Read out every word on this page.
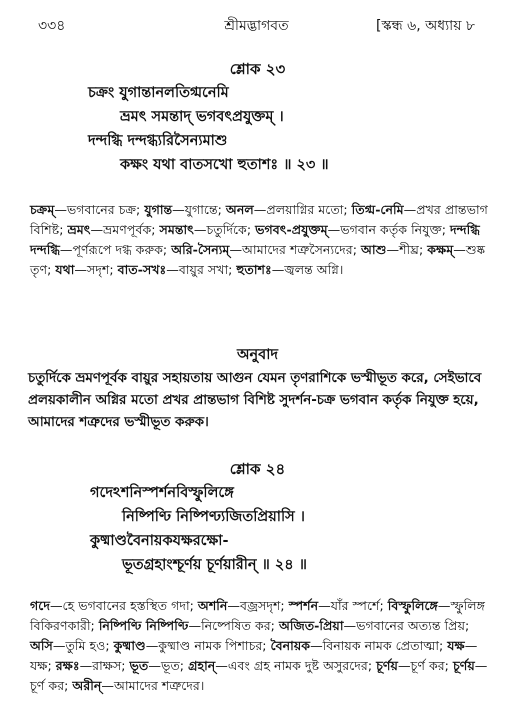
৩৩৪	শ্রীমদ্ভাগবত	[স্কন্ধ ৬, অধ্যায় ৮
শ্লোক ২৩
চক্রং যুগান্তানলতিগ্মনেমি
ভ্রমৎ সমন্তাদ্ ভগবৎপ্রযুক্তম্ ।
দন্দগ্ধি দন্দগ্ধ্যরিসৈন্যমাশু
কক্ষং যথা বাতসখো হুতাশঃ ॥ ২৩ ॥
চক্রম্—ভগবানের চক্র; যুগান্ত—যুগান্তে; অনল—প্রলয়াগ্নির মতো; তিগ্ম-নেমি—প্রখর প্রান্তভাগ বিশিষ্ট; ভ্রমৎ—ভ্রমণপূর্বক; সমন্তাৎ—চতুর্দিকে; ভগবৎ-প্রযুক্তম্—ভগবান কর্তৃক নিযুক্ত; দন্দগ্ধি দন্দগ্ধি—পূর্ণরূপে দগ্ধ করুক; অরি-সৈন্যম্—আমাদের শত্রুসৈন্যদের; আশু—শীঘ্র; কক্ষম্—শুষ্ক তৃণ; যথা—সদৃশ; বাত-সখঃ—বায়ুর সখা; হুতাশঃ—জ্বলন্ত অগ্নি।
অনুবাদ
চতুর্দিকে ভ্রমণপূর্বক বায়ুর সহায়তায় আগুন যেমন তৃণরাশিকে ভস্মীভূত করে, সেইভাবে প্রলয়কালীন অগ্নির মতো প্রখর প্রান্তভাগ বিশিষ্ট সুদর্শন-চক্র ভগবান কর্তৃক নিযুক্ত হয়ে, আমাদের শত্রুদের ভস্মীভূত করুক।
শ্লোক ২৪
গদেঽশনিস্পর্শনবিস্ফুলিঙ্গে
নিষ্পিণ্ঢি নিষ্পিণ্ঢ্যজিতপ্রিয়াসি ।
কুষ্মাণ্ডবৈনায়কযক্ষরক্ষো-
ভূতগ্রহাংশ্চূর্ণয় চূর্ণয়ারীন্ ॥ ২৪ ॥
গদে—হে ভগবানের হস্তস্থিত গদা; অশনি—বজ্রসদৃশ; স্পর্শন—যাঁর স্পর্শে; বিস্ফুলিঙ্গে—স্ফুলিঙ্গ বিকিরণকারী; নিষ্পিণ্ঢি নিষ্পিণ্ঢি—নিষ্পেষিত কর; অজিত-প্রিয়া—ভগবানের অত্যন্ত প্রিয়; অসি—তুমি হও; কুষ্মাণ্ড—কুষ্মাণ্ড নামক পিশাচর; বৈনায়ক—বিনায়ক নামক প্রেতাত্মা; যক্ষ—যক্ষ; রক্ষঃ—রাক্ষস; ভূত—ভূত; গ্রহান্—এবং গ্রহ নামক দুষ্ট অসুরদের; চূর্ণয়—চূর্ণ কর; চূর্ণয়—চূর্ণ কর; অরীন্—আমাদের শত্রুদের।
